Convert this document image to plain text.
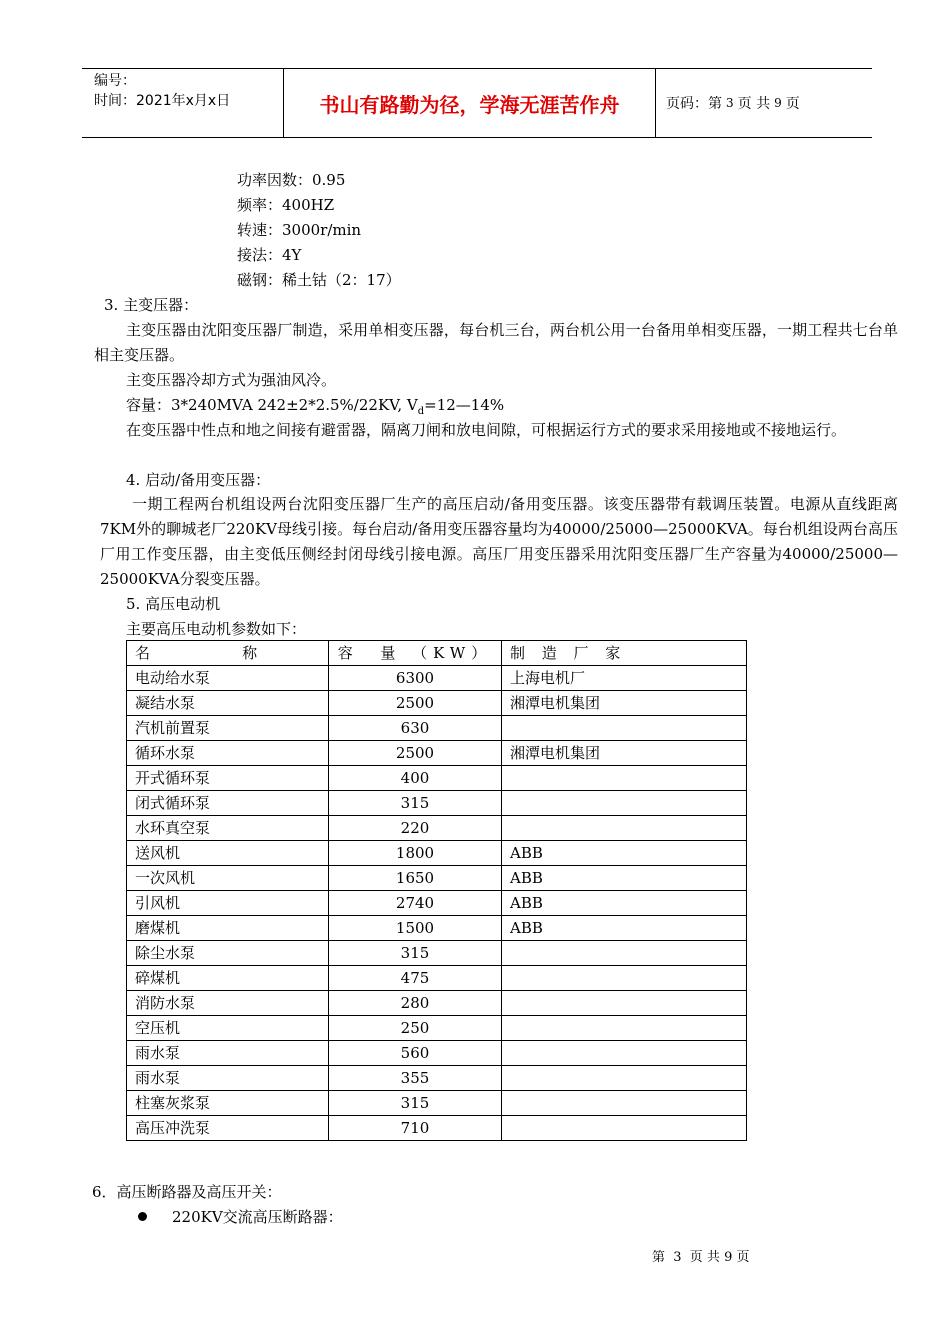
编号：
时间：2021年x月x日	书山有路勤为径，学海无涯苦作舟	页码：第 3 页 共 9 页
功率因数：0.95
频率：400HZ
转速：3000r/min
接法：4Y
磁钢：稀土钴（2：17）
3. 主变压器：
主变压器由沈阳变压器厂制造，采用单相变压器，每台机三台，两台机公用一台备用单相变压器，一期工程共七台单相主变压器。
主变压器冷却方式为强油风冷。
容量：3*240MVA 242±2*2.5%/22KV, $V_d=12—14\%$
在变压器中性点和地之间接有避雷器，隔离刀闸和放电间隙，可根据运行方式的要求采用接地或不接地运行。
4. 启动/备用变压器：
一期工程两台机组设两台沈阳变压器厂生产的高压启动/备用变压器。该变压器带有载调压装置。电源从直线距离7KM外的聊城老厂220KV母线引接。每台启动/备用变压器容量均为40000/25000—25000KVA。每台机组设两台高压厂用工作变压器，由主变低压侧经封闭母线引接电源。高压厂用变压器采用沈阳变压器厂生产容量为40000/25000—25000KVA分裂变压器。
5. 高压电动机
主要高压电动机参数如下：
名        称	容  量 （KW）	制 造 厂 家
电动给水泵	6300	上海电机厂
凝结水泵	2500	湘潭电机集团
汽机前置泵	630	
循环水泵	2500	湘潭电机集团
开式循环泵	400	
闭式循环泵	315	
水环真空泵	220	
送风机	1800	ABB
一次风机	1650	ABB
引风机	2740	ABB
磨煤机	1500	ABB
除尘水泵	315	
碎煤机	475	
消防水泵	280	
空压机	250	
雨水泵	560	
雨水泵	355	
柱塞灰浆泵	315	
高压冲洗泵	710	
6．高压断路器及高压开关：
220KV交流高压断路器：
第  3  页 共 9 页
